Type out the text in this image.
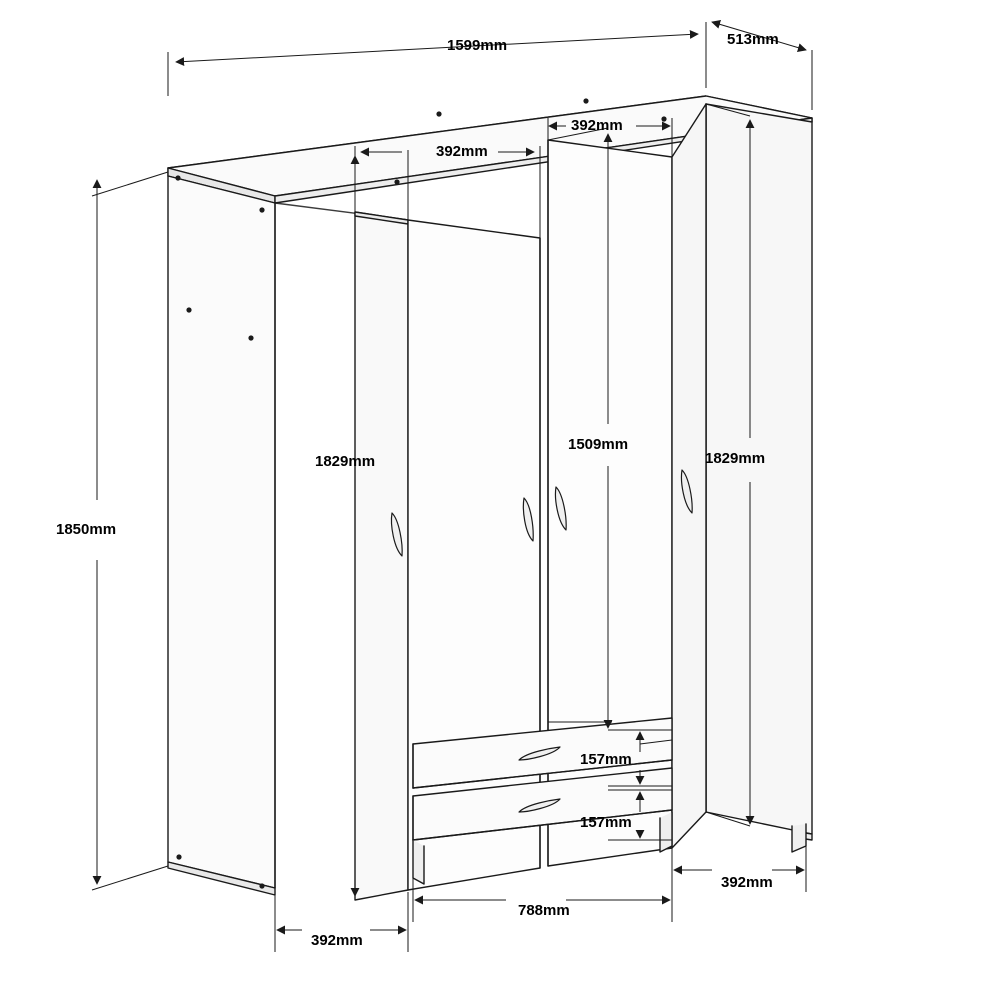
1599mm	513mm
392mm
392mm
1850mm
1829mm
1509mm
1829mm
157mm
157mm
392mm
788mm
392mm
